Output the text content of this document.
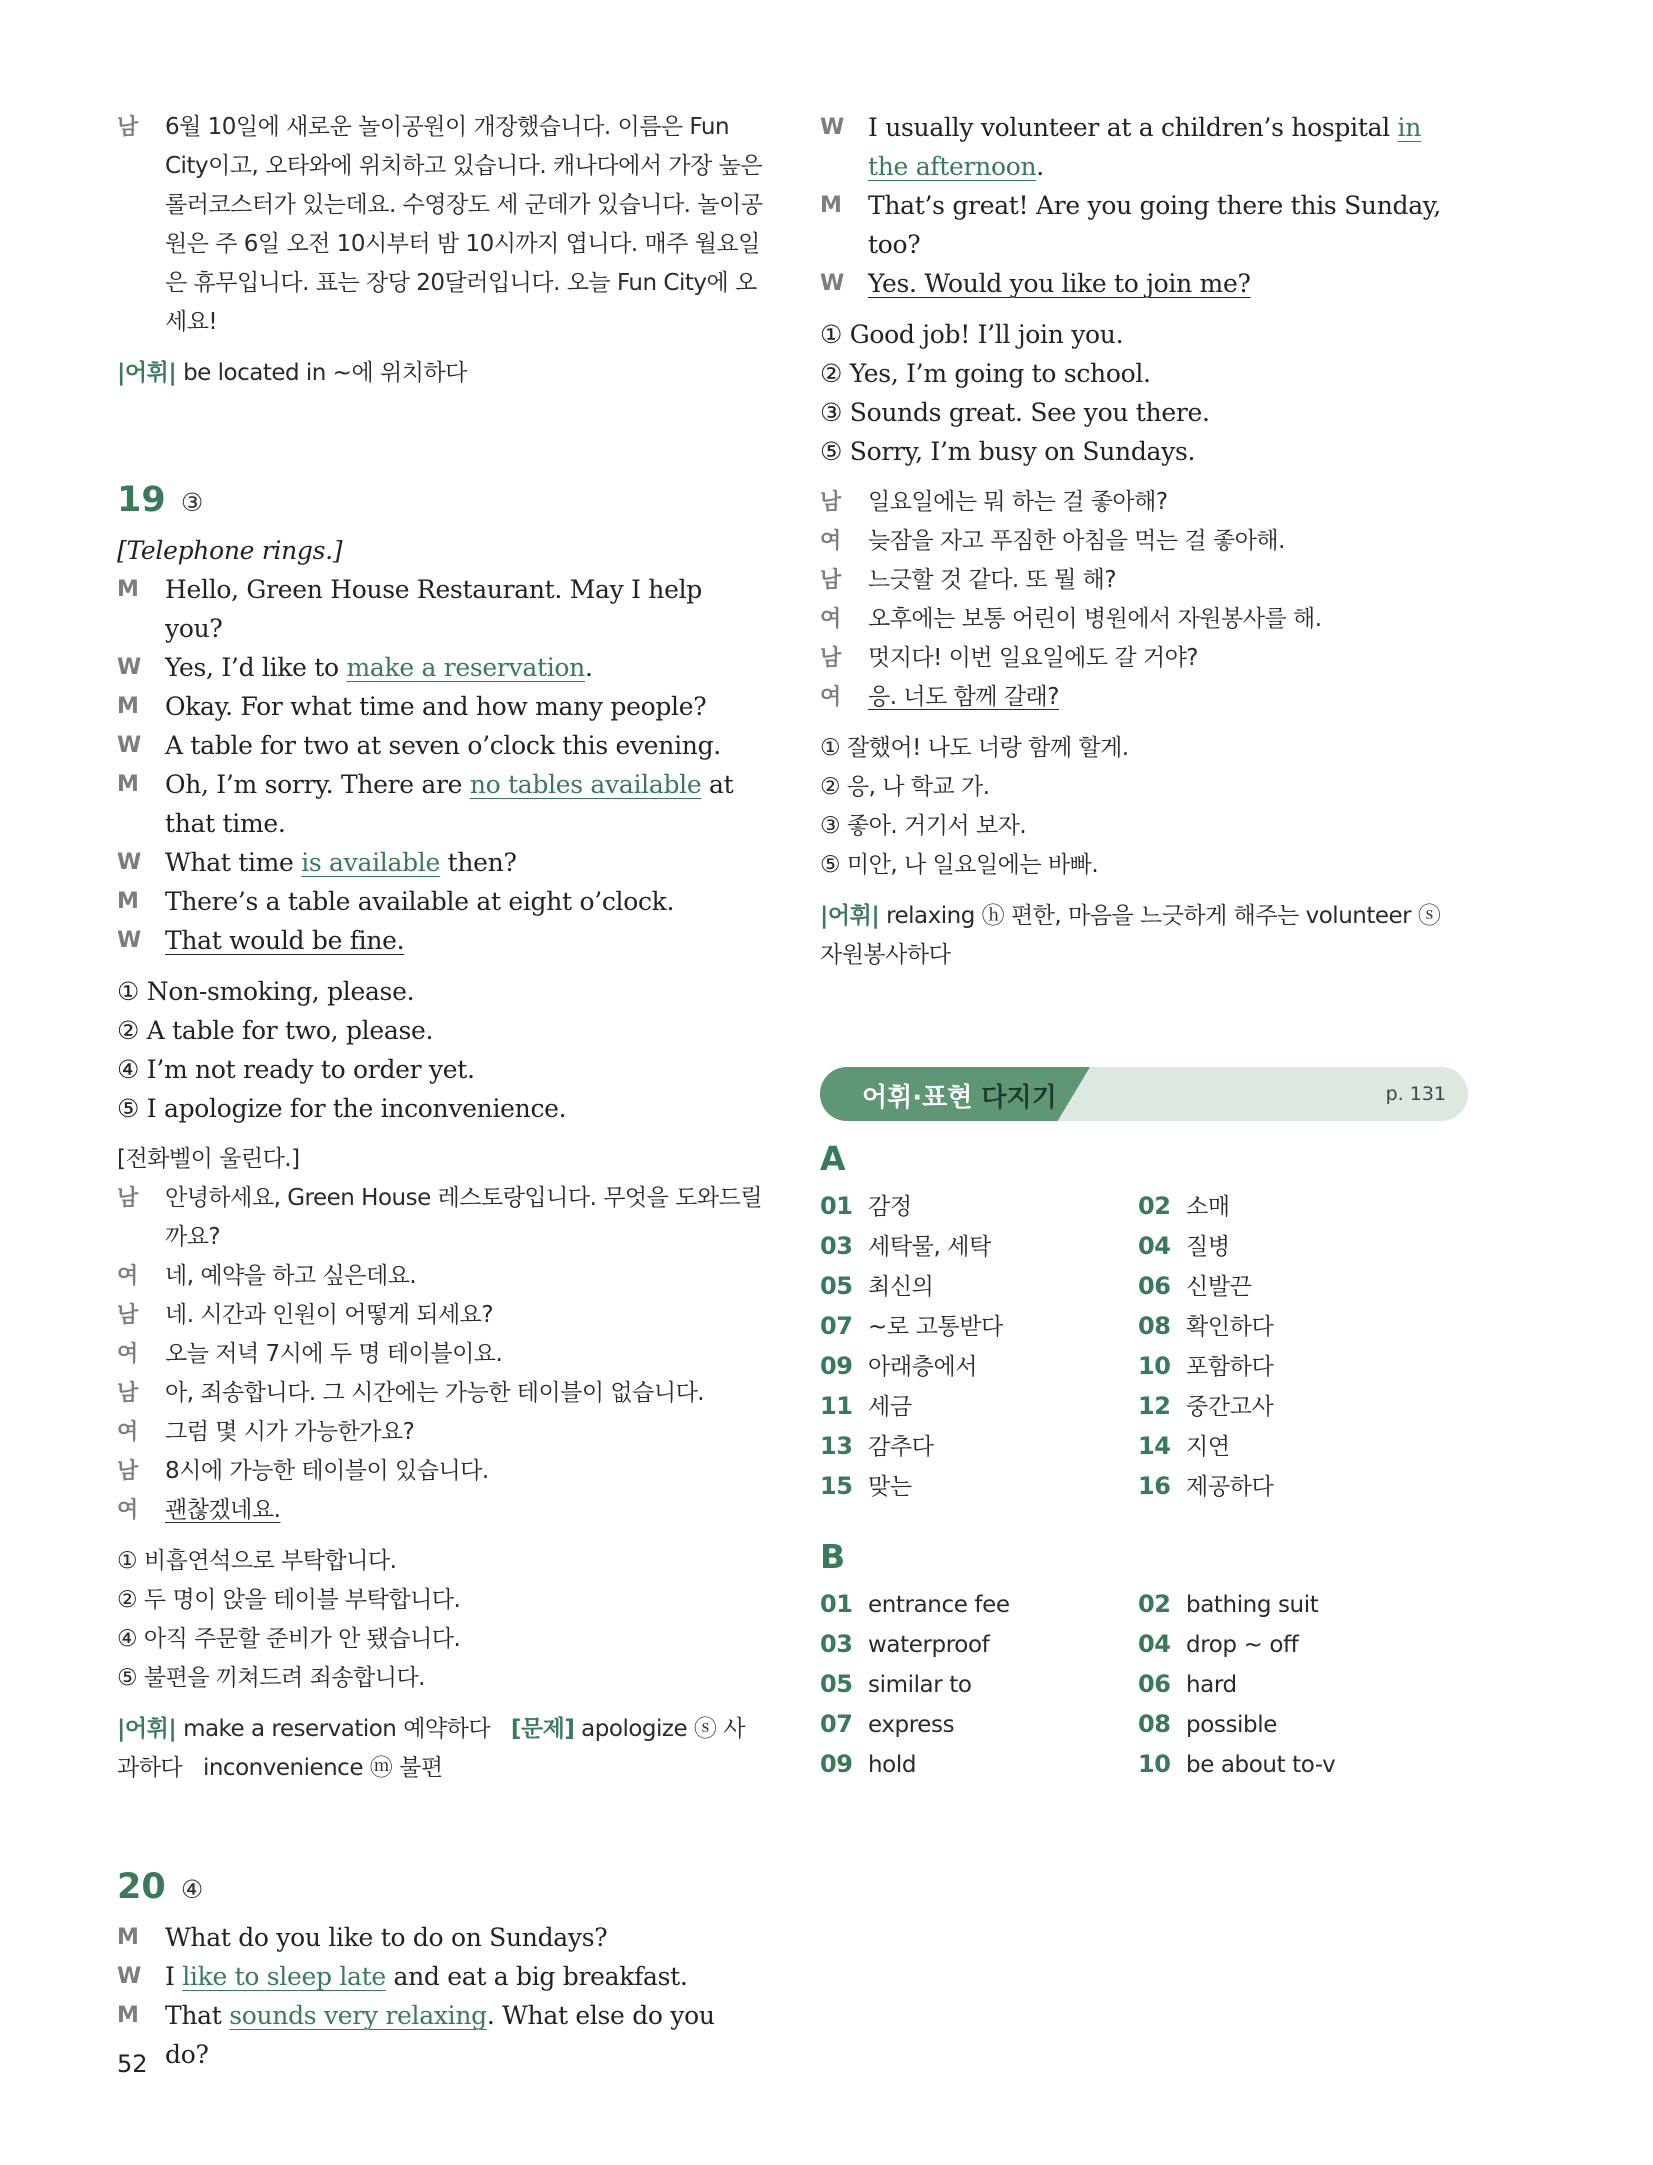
남	6월 10일에 새로운 놀이공원이 개장했습니다. 이름은 Fun City이고, 오타와에 위치하고 있습니다. 캐나다에서 가장 높은 롤러코스터가 있는데요. 수영장도 세 군데가 있습니다. 놀이공원은 주 6일 오전 10시부터 밤 10시까지 엽니다. 매주 월요일은 휴무입니다. 표는 장당 20달러입니다. 오늘 Fun City에 오세요!
|어휘| be located in ~에 위치하다
19 ③
[Telephone rings.]
M	Hello, Green House Restaurant. May I help you?
W Yes, I’d like to make a reservation.
M	Okay. For what time and how many people?
W A table for two at seven o’clock this evening.
M	Oh, I’m sorry. There are no tables available at that time.
W What time is available then?
M	There’s a table available at eight o’clock.
W That would be fine.
① Non-smoking, please.
② A table for two, please.
④ I’m not ready to order yet.
⑤ I apologize for the inconvenience.
[전화벨이 울린다.]
남	안녕하세요, Green House 레스토랑입니다. 무엇을 도와드릴까요?
여	네, 예약을 하고 싶은데요.
남	네. 시간과 인원이 어떻게 되세요?
여	오늘 저녁 7시에 두 명 테이블이요.
남	아, 죄송합니다. 그 시간에는 가능한 테이블이 없습니다.
여	그럼 몇 시가 가능한가요?
남	8시에 가능한 테이블이 있습니다.
여	괜찮겠네요.
① 비흡연석으로 부탁합니다.
② 두 명이 앉을 테이블 부탁합니다.
④ 아직 주문할 준비가 안 됐습니다.
⑤ 불편을 끼쳐드려 죄송합니다.
|어휘| make a reservation 예약하다 [문제] apologize ⓢ 사과하다 inconvenience ⓜ 불편
20 ④
M	What do you like to do on Sundays?
W I like to sleep late and eat a big breakfast.
M	That sounds very relaxing. What else do you do?
W I usually volunteer at a children’s hospital in the afternoon.
M	That’s great! Are you going there this Sunday, too?
W Yes. Would you like to join me?
① Good job! I’ll join you.
② Yes, I’m going to school.
③ Sounds great. See you there.
⑤ Sorry, I’m busy on Sundays.
남	일요일에는 뭐 하는 걸 좋아해?
여	늦잠을 자고 푸짐한 아침을 먹는 걸 좋아해.
남	느긋할 것 같다. 또 뭘 해?
여	오후에는 보통 어린이 병원에서 자원봉사를 해.
남	멋지다! 이번 일요일에도 갈 거야?
여	응. 너도 함께 갈래?
① 잘했어! 나도 너랑 함께 할게.
② 응, 나 학교 가.
③ 좋아. 거기서 보자.
⑤ 미안, 나 일요일에는 바빠.
|어휘| relaxing ⓗ 편한, 마음을 느긋하게 해주는 volunteer ⓢ 자원봉사하다
어휘·표현 다지기	p. 131
A
01 감정	02 소매
03 세탁물, 세탁	04 질병
05 최신의	06 신발끈
07 ~로 고통받다	08 확인하다
09 아래층에서	10 포함하다
11 세금	12 중간고사
13 감추다	14 지연
15 맞는	16 제공하다
B
01 entrance fee	02 bathing suit
03 waterproof	04 drop ~ off
05 similar to	06 hard
07 express	08 possible
09 hold	10 be about to-v
52
